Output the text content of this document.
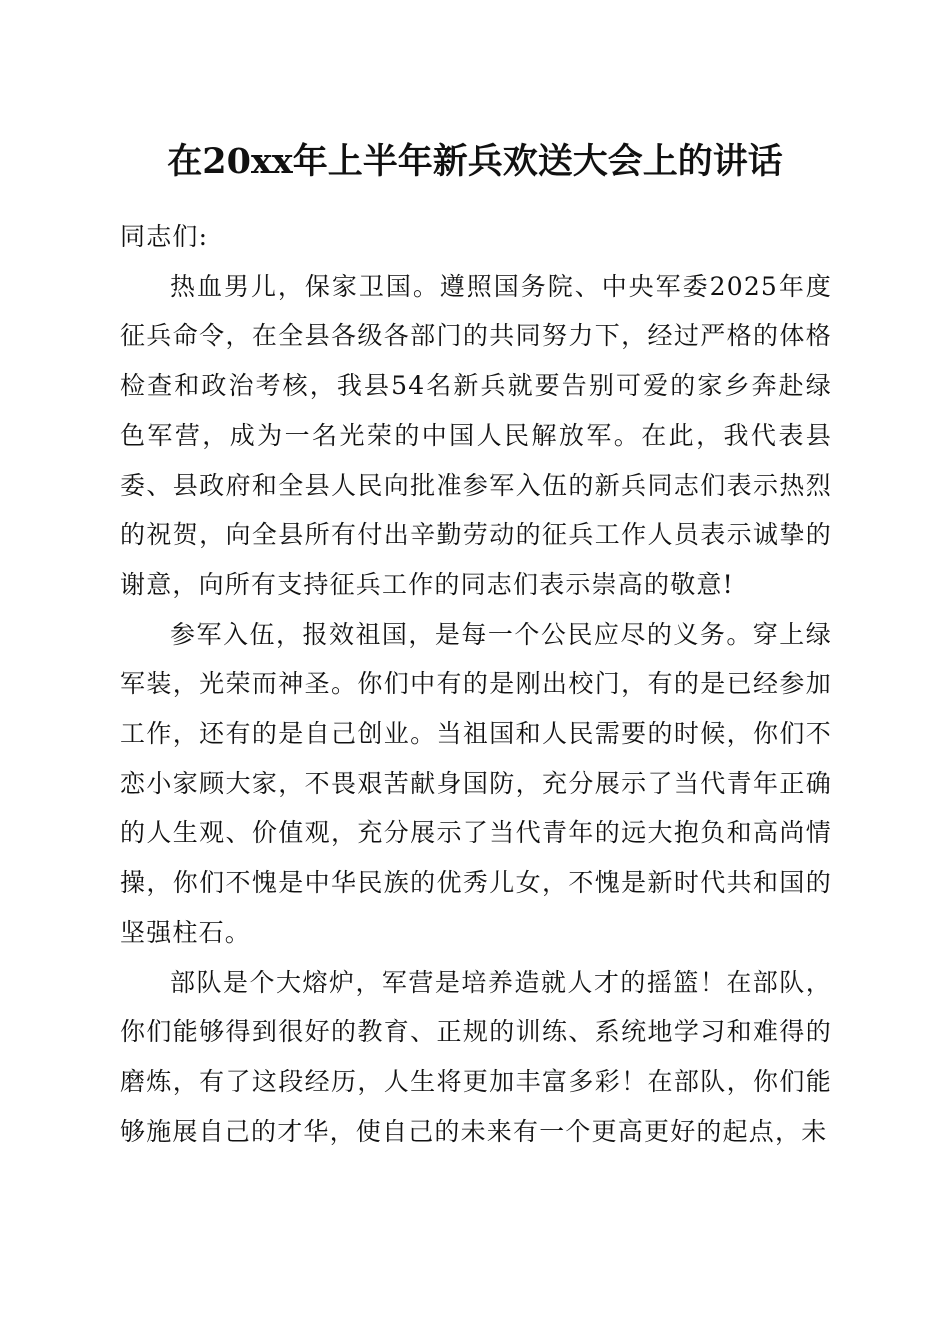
在20xx年上半年新兵欢送大会上的讲话

同志们:

热血男儿，保家卫国。遵照国务院、中央军委2025年度征兵命令，在全县各级各部门的共同努力下，经过严格的体格检查和政治考核，我县54名新兵就要告别可爱的家乡奔赴绿色军营，成为一名光荣的中国人民解放军。在此，我代表县委、县政府和全县人民向批准参军入伍的新兵同志们表示热烈的祝贺，向全县所有付出辛勤劳动的征兵工作人员表示诚挚的谢意，向所有支持征兵工作的同志们表示崇高的敬意!

参军入伍，报效祖国，是每一个公民应尽的义务。穿上绿军装，光荣而神圣。你们中有的是刚出校门，有的是已经参加工作，还有的是自己创业。当祖国和人民需要的时候，你们不恋小家顾大家，不畏艰苦献身国防，充分展示了当代青年正确的人生观、价值观，充分展示了当代青年的远大抱负和高尚情操，你们不愧是中华民族的优秀儿女，不愧是新时代共和国的坚强柱石。

部队是个大熔炉，军营是培养造就人才的摇篮！在部队，你们能够得到很好的教育、正规的训练、系统地学习和难得的磨炼，有了这段经历，人生将更加丰富多彩！在部队，你们能够施展自己的才华，使自己的未来有一个更高更好的起点，未
